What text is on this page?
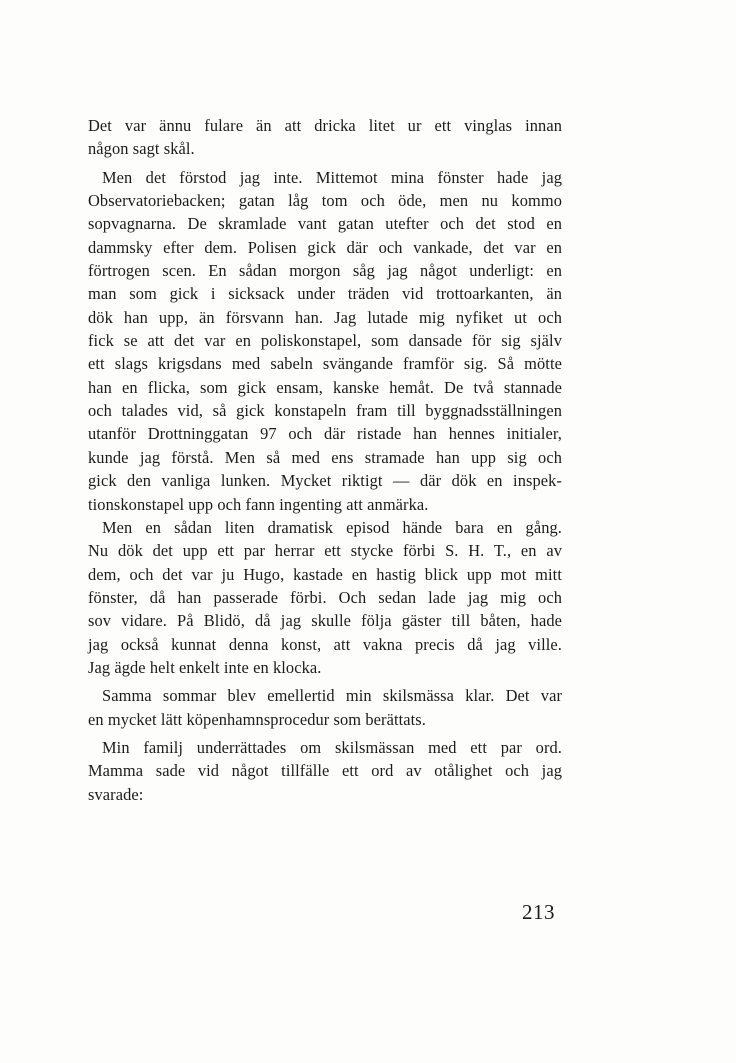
Det var ännu fularе än att dricka litet ur ett vinglas innan
någon sagt skål.

Men det förstod jag inte. Mittemot mina fönster hade jag
Observatoriebacken; gatan låg tom och öde, men nu kommo
sopvagnarna. De skramlade vant gatan utefter och det stod en
dammsky efter dem. Polisen gick där och vankade, det var en
förtrogen scen. En sådan morgon såg jag något underligt: en
man som gick i sicksack under träden vid trottoarkanten, än
dök han upp, än försvann han. Jag lutade mig nyfiket ut och
fick se att det var en poliskonstapel, som dansade för sig själv
ett slags krigsdans med sabeln svängande framför sig. Så mötte
han en flicka, som gick ensam, kanske hemåt. De två stannade
och talades vid, så gick konstapeln fram till byggnadsställningen
utanför Drottninggatan 97 och där ristade han hennes initialer,
kunde jag förstå. Men så med ens stramade han upp sig och
gick den vanliga lunken. Mycket riktigt — där dök en inspek-
tionskonstapel upp och fann ingenting att anmärka.

Men en sådan liten dramatisk episod hände bara en gång.
Nu dök det upp ett par herrar ett stycke förbi S. H. T., en av
dem, och det var ju Hugo, kastade en hastig blick upp mot mitt
fönster, då han passerade förbi. Och sedan lade jag mig och
sov vidare. På Blidö, då jag skulle följa gäster till båten, hade
jag också kunnat denna konst, att vakna precis då jag ville.
Jag ägde helt enkelt inte en klocka.

Samma sommar blev emellertid min skilsmässa klar. Det var
en mycket lätt köpenhamnsprocedur som berättats.

Min familj underrättades om skilsmässan med ett par ord.
Mamma sade vid något tillfälle ett ord av otålighet och jag
svarade:

213
